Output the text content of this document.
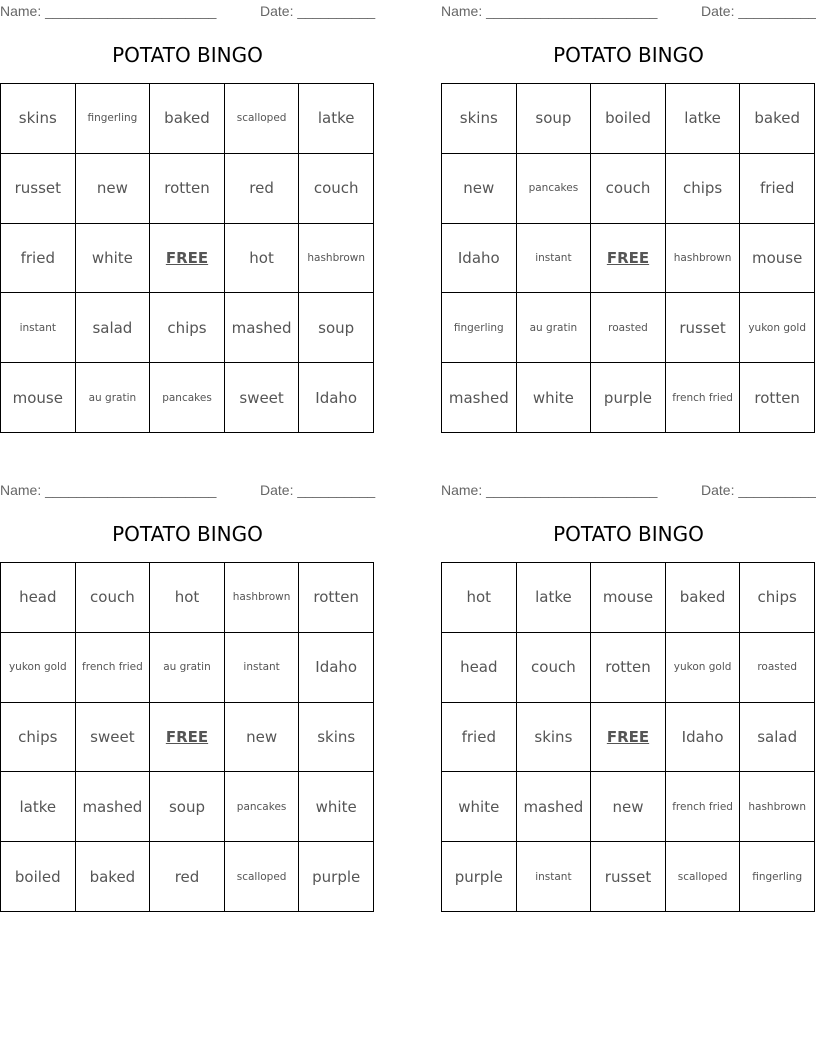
Name: ______________________	Date: __________
POTATO BINGO
skins	fingerling	baked	scalloped	latke
russet	new	rotten	red	couch
fried	white	FREE	hot	hashbrown
instant	salad	chips	mashed	soup
mouse	au gratin	pancakes	sweet	Idaho
Name: ______________________	Date: __________
POTATO BINGO
skins	soup	boiled	latke	baked
new	pancakes	couch	chips	fried
Idaho	instant	FREE	hashbrown	mouse
fingerling	au gratin	roasted	russet	yukon gold
mashed	white	purple	french fried	rotten
Name: ______________________	Date: __________
POTATO BINGO
head	couch	hot	hashbrown	rotten
yukon gold	french fried	au gratin	instant	Idaho
chips	sweet	FREE	new	skins
latke	mashed	soup	pancakes	white
boiled	baked	red	scalloped	purple
Name: ______________________	Date: __________
POTATO BINGO
hot	latke	mouse	baked	chips
head	couch	rotten	yukon gold	roasted
fried	skins	FREE	Idaho	salad
white	mashed	new	french fried	hashbrown
purple	instant	russet	scalloped	fingerling
